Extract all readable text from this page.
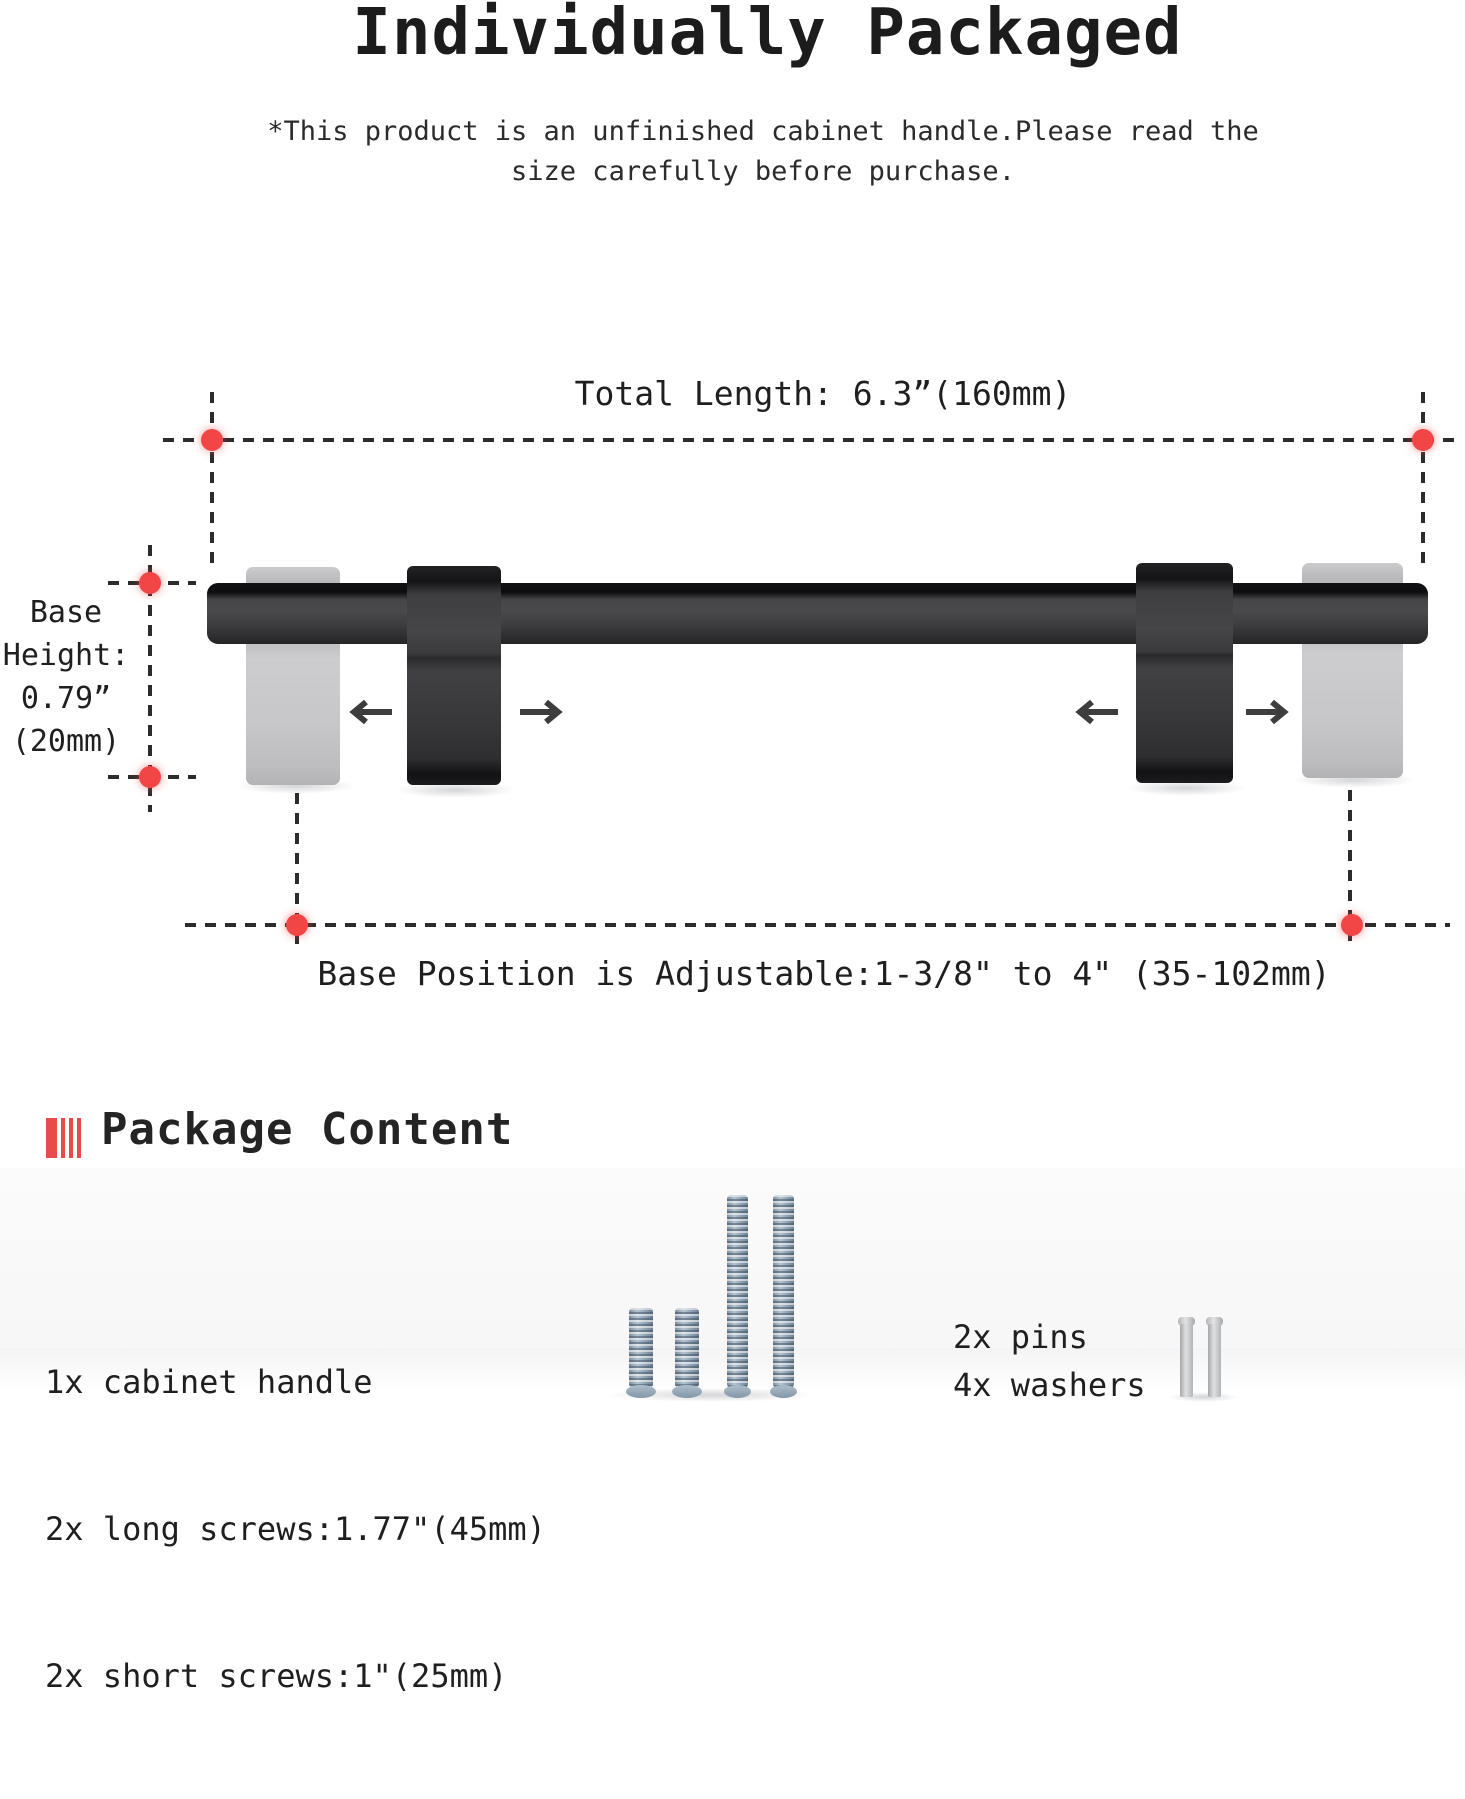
Individually Packaged
*This product is an unfinished cabinet handle.Please read the
size carefully before purchase.
Total Length: 6.3”(160mm)
Base
Height:
0.79”
(20mm)
Base Position is Adjustable:1-3/8" to 4" (35-102mm)
Package Content

1x cabinet handle

2x long screws:1.77"(45mm)

2x short screws:1"(25mm)

2x pins
4x washers
